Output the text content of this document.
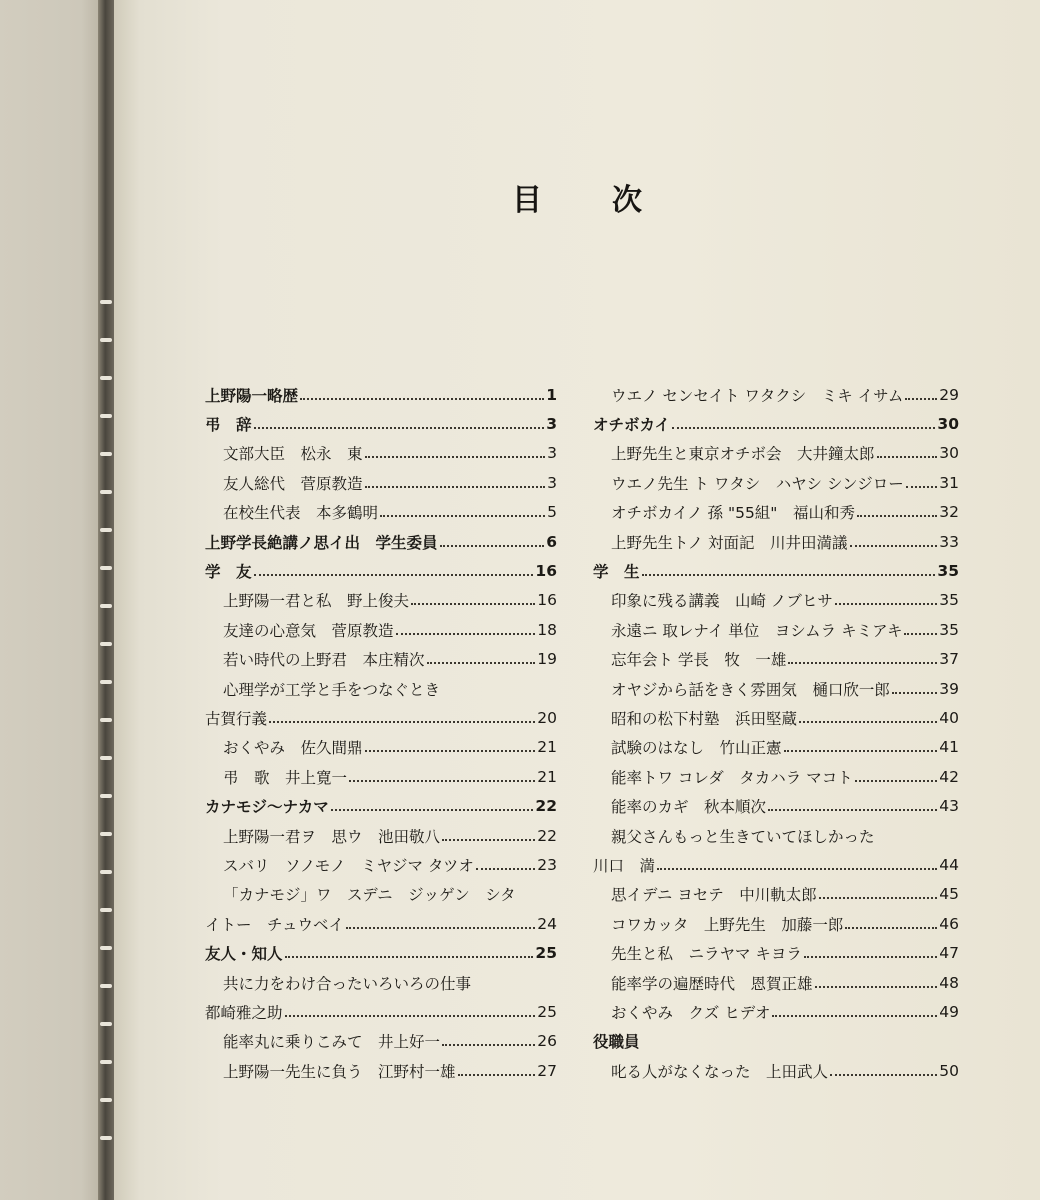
目 次
上野陽一略歴	1
弔　辞	3
文部大臣　松永　東	3
友人総代　菅原教造	3
在校生代表　本多鶴明	5
上野学長絶講ノ思イ出　学生委員	6
学　友	16
上野陽一君と私　野上俊夫	16
友達の心意気　菅原教造	18
若い時代の上野君　本庄精次	19
心理学が工学と手をつなぐとき
古賀行義	20
おくやみ　佐久間鼎	21
弔　歌　井上寛一	21
カナモジ～ナカマ	22
上野陽一君ヲ　思ウ　池田敬八	22
スバリ　ソノモノ　ミヤジマ タツオ	23
「カナモジ」ワ　スデニ　ジッゲン　シタ
イトー　チュウベイ	24
友人・知人	25
共に力をわけ合ったいろいろの仕事
都崎雅之助	25
能率丸に乗りこみて　井上好一	26
上野陽一先生に負う　江野村一雄	27
ウエノ センセイト ワタクシ　ミキ イサム 29
オチボカイ	30
上野先生と東京オチボ会　大井鐘太郎	30
ウエノ先生 ト ワタシ　ハヤシ シンジロー 31
オチボカイノ 孫 "55組"　福山和秀	32
上野先生トノ 対面記　川井田満議	33
学　生	35
印象に残る講義　山崎 ノブヒサ	35
永遠ニ 取レナイ 単位　ヨシムラ キミアキ 35
忘年会ト 学長　牧　一雄	37
オヤジから話をきく雰囲気　樋口欣一郎	39
昭和の松下村塾　浜田堅蔵	40
試験のはなし　竹山正憲	41
能率トワ コレダ　タカハラ マコト	42
能率のカギ　秋本順次	43
親父さんもっと生きていてほしかった
川口　満	44
思イデニ ヨセテ　中川軌太郎	45
コワカッタ　上野先生　加藤一郎	46
先生と私　ニラヤマ キヨラ	47
能率学の遍歴時代　恩賀正雄	48
おくやみ　クズ ヒデオ	49
役職員
叱る人がなくなった　上田武人	50
